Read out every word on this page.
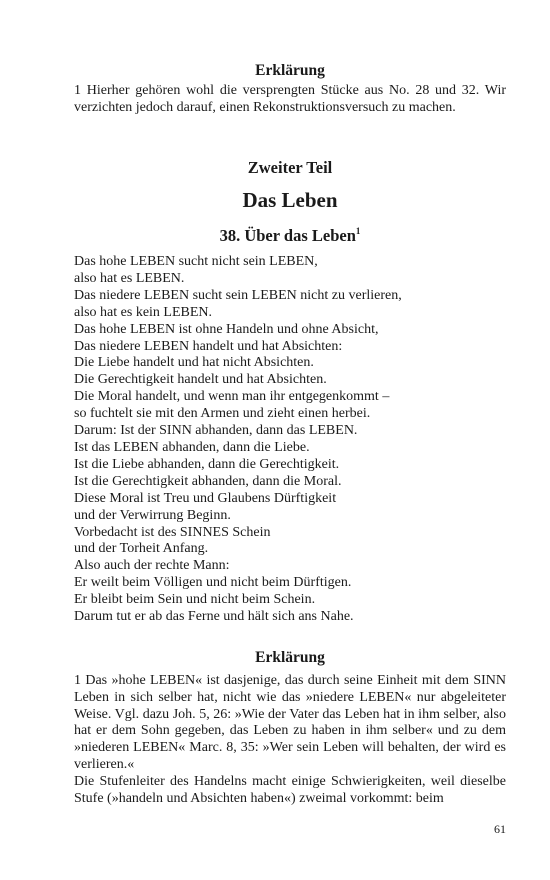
Erklärung

1 Hierher gehören wohl die versprengten Stücke aus No. 28 und 32. Wir verzichten jedoch darauf, einen Rekonstruktionsversuch zu machen.

Zweiter Teil
Das Leben
38. Über das Leben$^1$
Das hohe LEBEN sucht nicht sein LEBEN,
also hat es LEBEN.
Das niedere LEBEN sucht sein LEBEN nicht zu verlieren,
also hat es kein LEBEN.
Das hohe LEBEN ist ohne Handeln und ohne Absicht,
Das niedere LEBEN handelt und hat Absichten:
Die Liebe handelt und hat nicht Absichten.
Die Gerechtigkeit handelt und hat Absichten.
Die Moral handelt, und wenn man ihr entgegenkommt –
so fuchtelt sie mit den Armen und zieht einen herbei.
Darum: Ist der SINN abhanden, dann das LEBEN.
Ist das LEBEN abhanden, dann die Liebe.
Ist die Liebe abhanden, dann die Gerechtigkeit.
Ist die Gerechtigkeit abhanden, dann die Moral.
Diese Moral ist Treu und Glaubens Dürftigkeit
und der Verwirrung Beginn.
Vorbedacht ist des SINNES Schein
und der Torheit Anfang.
Also auch der rechte Mann:
Er weilt beim Völligen und nicht beim Dürftigen.
Er bleibt beim Sein und nicht beim Schein.
Darum tut er ab das Ferne und hält sich ans Nahe.
Erklärung

1 Das »hohe LEBEN« ist dasjenige, das durch seine Einheit mit dem SINN Leben in sich selber hat, nicht wie das »niedere LEBEN« nur abgeleiteter Weise. Vgl. dazu Joh. 5, 26: »Wie der Vater das Leben hat in ihm selber, also hat er dem Sohn gegeben, das Leben zu haben in ihm selber« und zu dem »niederen LEBEN« Marc. 8, 35: »Wer sein Leben will behalten, der wird es verlieren.«

Die Stufenleiter des Handelns macht einige Schwierigkeiten, weil dieselbe Stufe (»handeln und Absichten haben«) zweimal vorkommt: beim

61
